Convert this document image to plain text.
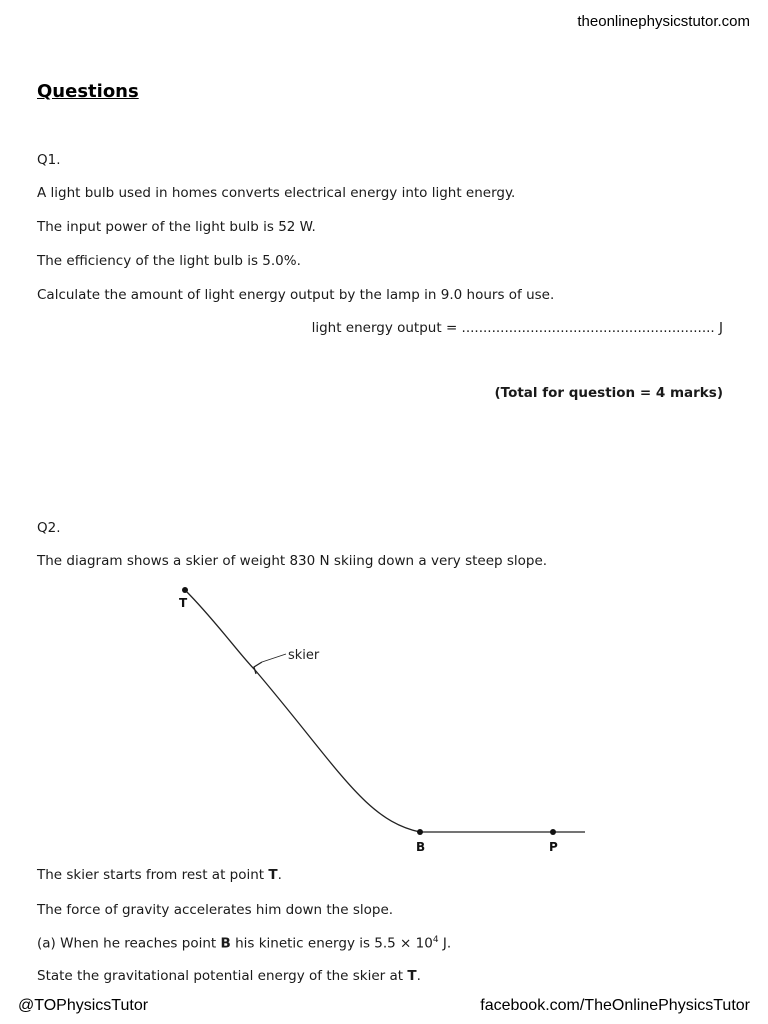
theonlinephysicstutor.com
Questions
Q1.
A light bulb used in homes converts electrical energy into light energy.
The input power of the light bulb is 52 W.
The efficiency of the light bulb is 5.0%.
Calculate the amount of light energy output by the lamp in 9.0 hours of use.
light energy output = ........................................................... J
(Total for question = 4 marks)
Q2.
The diagram shows a skier of weight 830 N skiing down a very steep slope.
skier
T
B	P
The skier starts from rest at point T.
The force of gravity accelerates him down the slope.
(a) When he reaches point B his kinetic energy is $5.5 \times 10^4$ J.
State the gravitational potential energy of the skier at T.
@TOPhysicsTutor	facebook.com/TheOnlinePhysicsTutor
